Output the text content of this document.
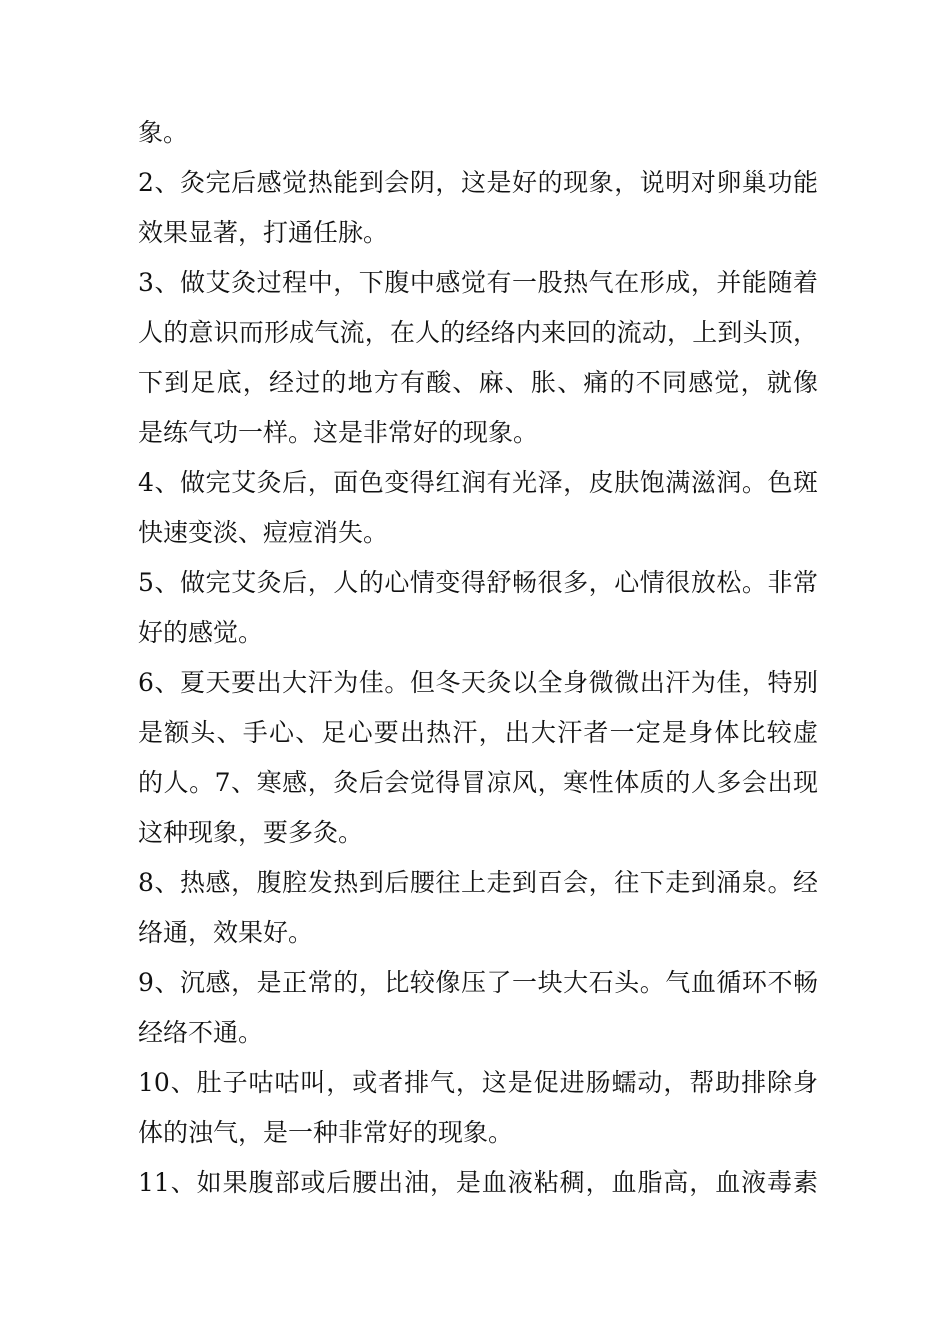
象。
2、灸完后感觉热能到会阴，这是好的现象，说明对卵巢功能
效果显著，打通任脉。
3、做艾灸过程中，下腹中感觉有一股热气在形成，并能随着
人的意识而形成气流，在人的经络内来回的流动，上到头顶，
下到足底，经过的地方有酸、麻、胀、痛的不同感觉，就像
是练气功一样。这是非常好的现象。
4、做完艾灸后，面色变得红润有光泽，皮肤饱满滋润。色斑
快速变淡、痘痘消失。
5、做完艾灸后，人的心情变得舒畅很多，心情很放松。非常
好的感觉。
6、夏天要出大汗为佳。但冬天灸以全身微微出汗为佳，特别
是额头、手心、足心要出热汗，出大汗者一定是身体比较虚
的人。7、寒感，灸后会觉得冒凉风，寒性体质的人多会出现
这种现象，要多灸。
8、热感，腹腔发热到后腰往上走到百会，往下走到涌泉。经
络通，效果好。
9、沉感，是正常的，比较像压了一块大石头。气血循环不畅
经络不通。
10、肚子咕咕叫，或者排气，这是促进肠蠕动，帮助排除身
体的浊气，是一种非常好的现象。
11、如果腹部或后腰出油，是血液粘稠，血脂高，血液毒素
